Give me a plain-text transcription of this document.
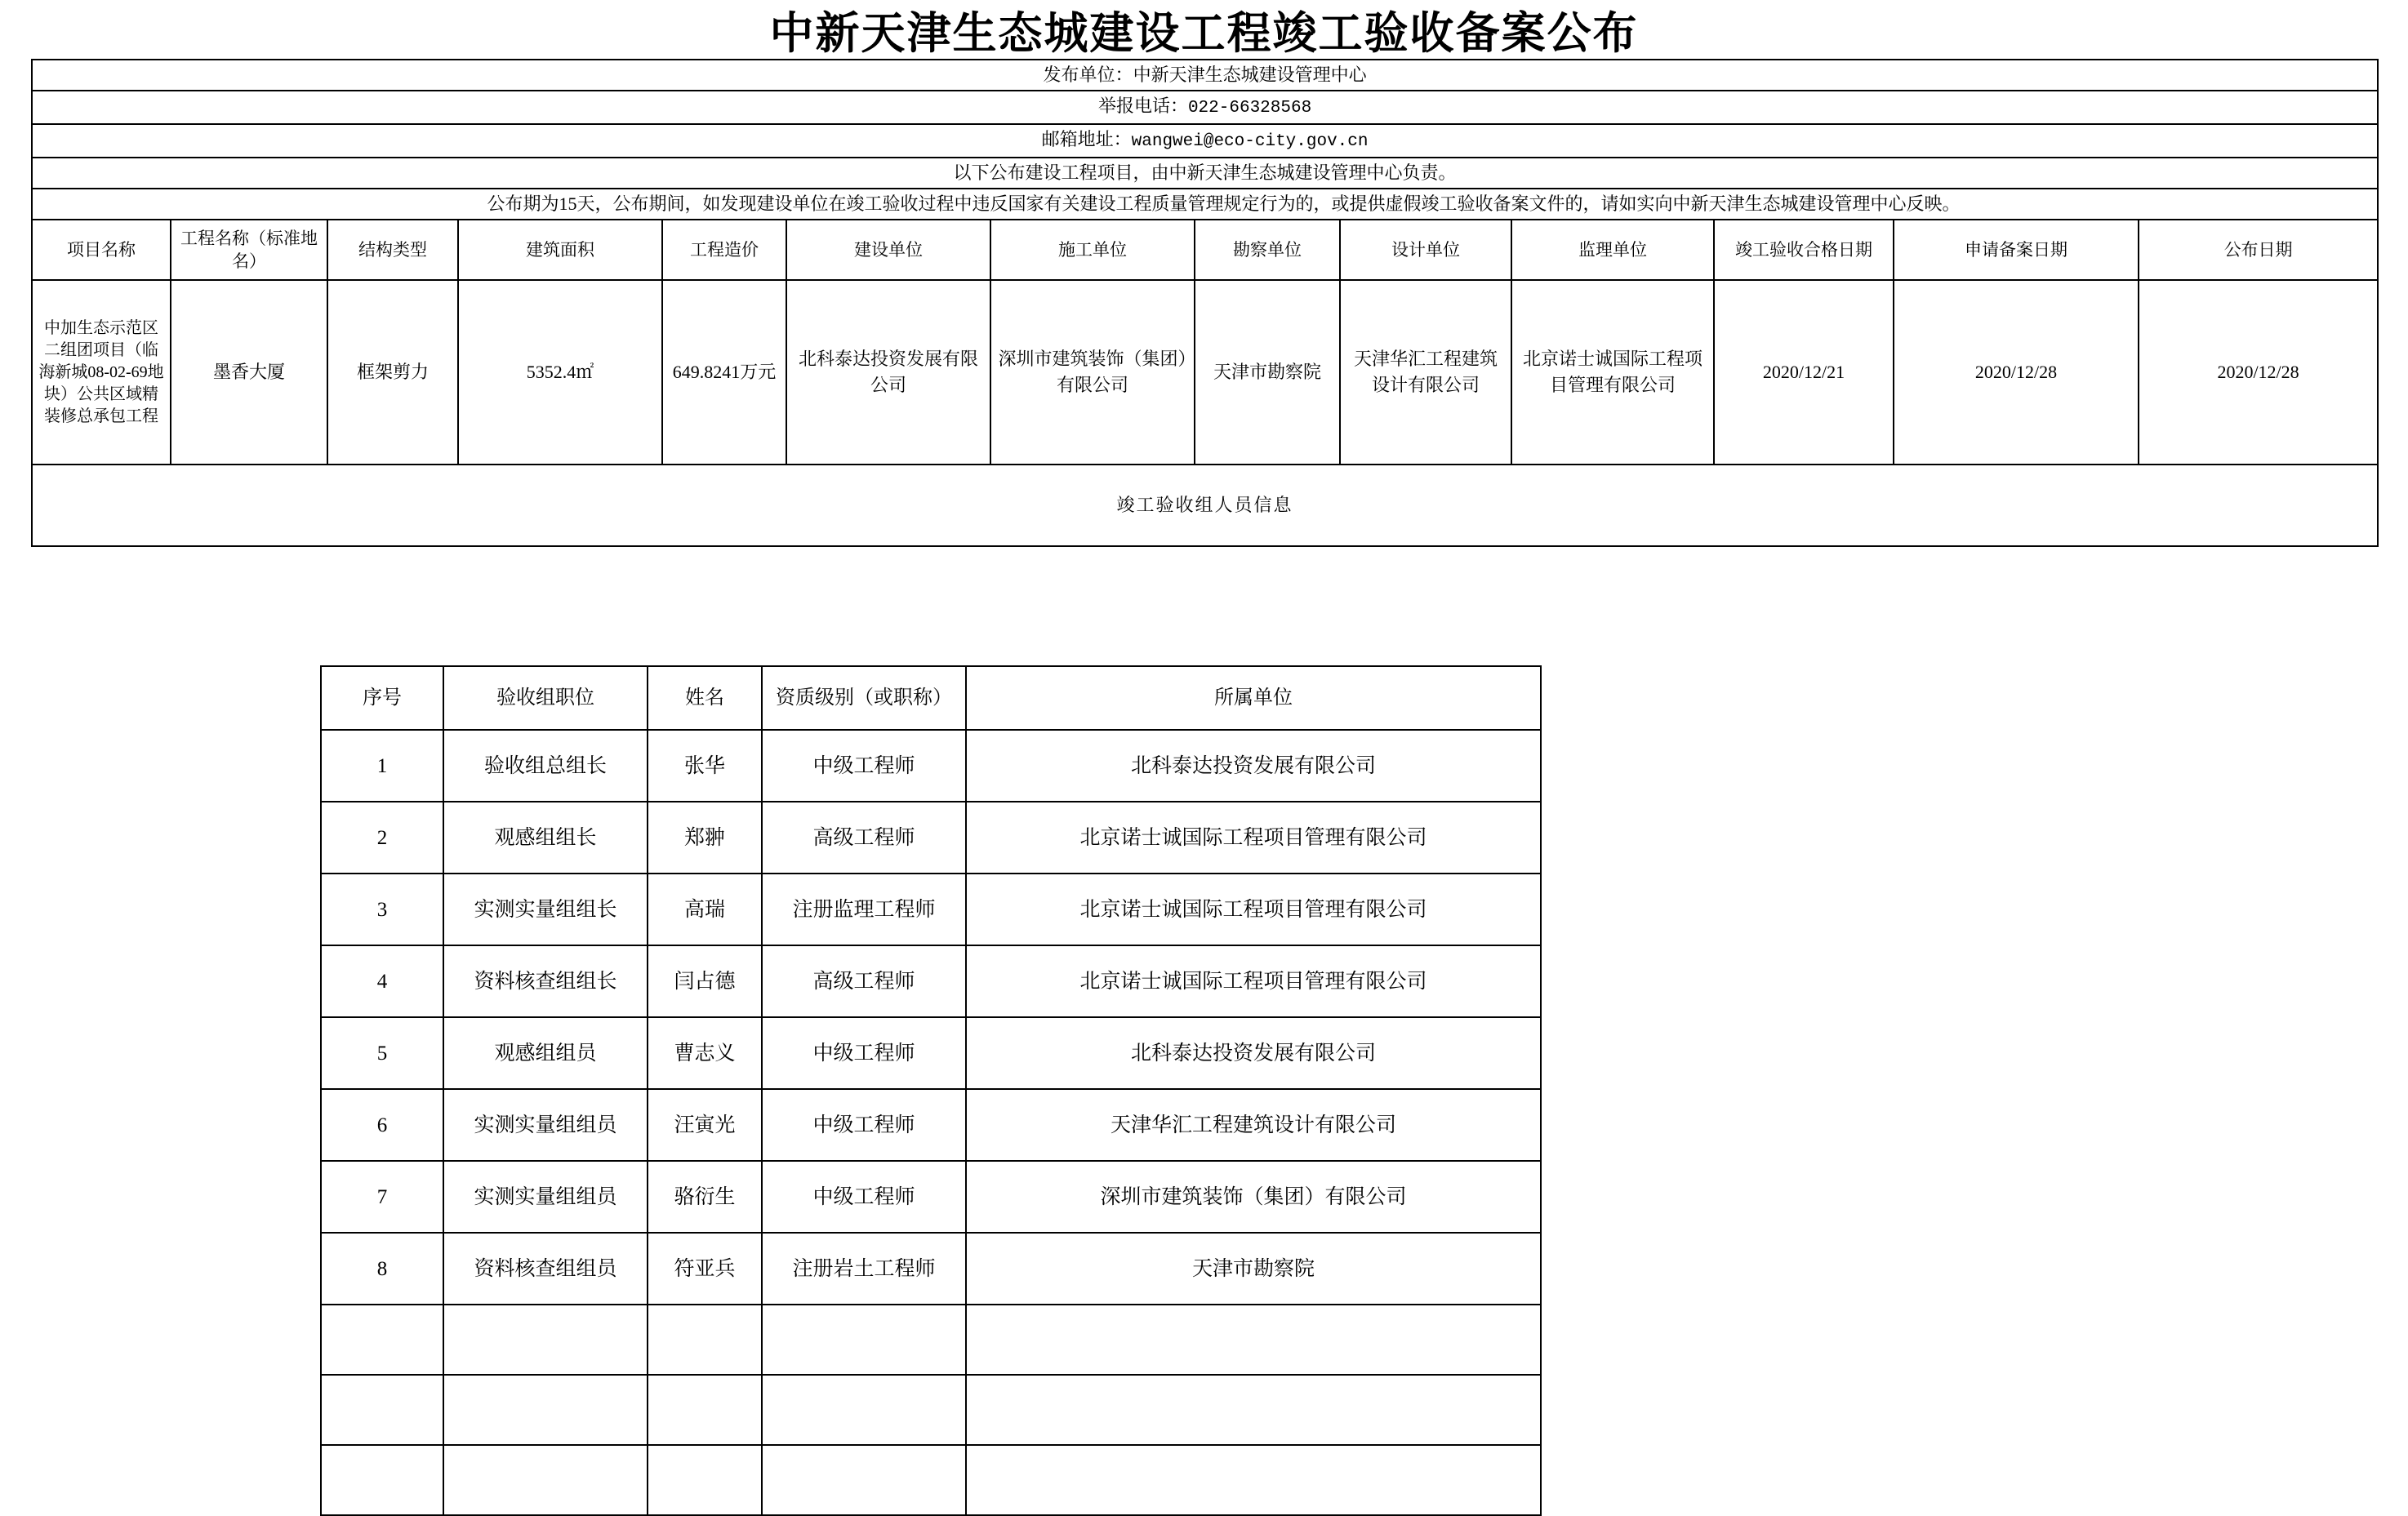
中新天津生态城建设工程竣工验收备案公布
发布单位：中新天津生态城建设管理中心												
举报电话：022-66328568												
邮箱地址：wangwei@eco-city.gov.cn												
以下公布建设工程项目，由中新天津生态城建设管理中心负责。												
公布期为15天，公布期间，如发现建设单位在竣工验收过程中违反国家有关建设工程质量管理规定行为的，或提供虚假竣工验收备案文件的，请如实向中新天津生态城建设管理中心反映。												
项目名称	工程名称（标准地名）	结构类型	建筑面积	工程造价	建设单位	施工单位	勘察单位	设计单位	监理单位	竣工验收合格日期	申请备案日期	公布日期
中加生态示范区二组团项目（临海新城08-02-69地块）公共区域精装修总承包工程	墨香大厦	框架剪力	5352.4㎡	649.8241万元	北科泰达投资发展有限公司	深圳市建筑装饰（集团）有限公司	天津市勘察院	天津华汇工程建筑设计有限公司	北京诺士诚国际工程项目管理有限公司	2020/12/21	2020/12/28	2020/12/28
竣工验收组人员信息												
序号	验收组职位	姓名	资质级别（或职称）	所属单位
1	验收组总组长	张华	中级工程师	北科泰达投资发展有限公司
2	观感组组长	郑翀	高级工程师	北京诺士诚国际工程项目管理有限公司
3	实测实量组组长	高瑞	注册监理工程师	北京诺士诚国际工程项目管理有限公司
4	资料核查组组长	闫占德	高级工程师	北京诺士诚国际工程项目管理有限公司
5	观感组组员	曹志义	中级工程师	北科泰达投资发展有限公司
6	实测实量组组员	汪寅光	中级工程师	天津华汇工程建筑设计有限公司
7	实测实量组组员	骆衍生	中级工程师	深圳市建筑装饰（集团）有限公司
8	资料核查组组员	符亚兵	注册岩土工程师	天津市勘察院
